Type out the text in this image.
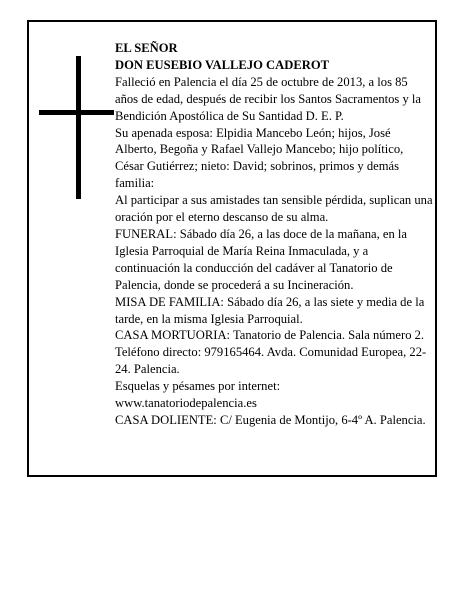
EL SEÑOR

DON EUSEBIO VALLEJO CADEROT

Falleció en Palencia el día 25 de octubre de 2013, a los 85 años de edad, después de recibir los Santos Sacramentos y la Bendición Apostólica de Su Santidad D. E. P.

Su apenada esposa: Elpidia Mancebo León; hijos, José Alberto, Begoña y Rafael Vallejo Mancebo; hijo político, César Gutiérrez; nieto: David; sobrinos, primos y demás familia:

Al participar a sus amistades tan sensible pérdida, suplican una oración por el eterno descanso de su alma.

FUNERAL: Sábado día 26, a las doce de la mañana, en la Iglesia Parroquial de María Reina Inmaculada, y a continuación la conducción del cadáver al Tanatorio de Palencia, donde se procederá a su Incineración.

MISA DE FAMILIA: Sábado día 26, a las siete y media de la tarde, en la misma Iglesia Parroquial.

CASA MORTUORIA: Tanatorio de Palencia. Sala número 2. Teléfono directo: 979165464. Avda. Comunidad Europea, 22-24. Palencia.

Esquelas y pésames por internet:

www.tanatoriodepalencia.es

CASA DOLIENTE: C/ Eugenia de Montijo, 6-4º A. Palencia.
